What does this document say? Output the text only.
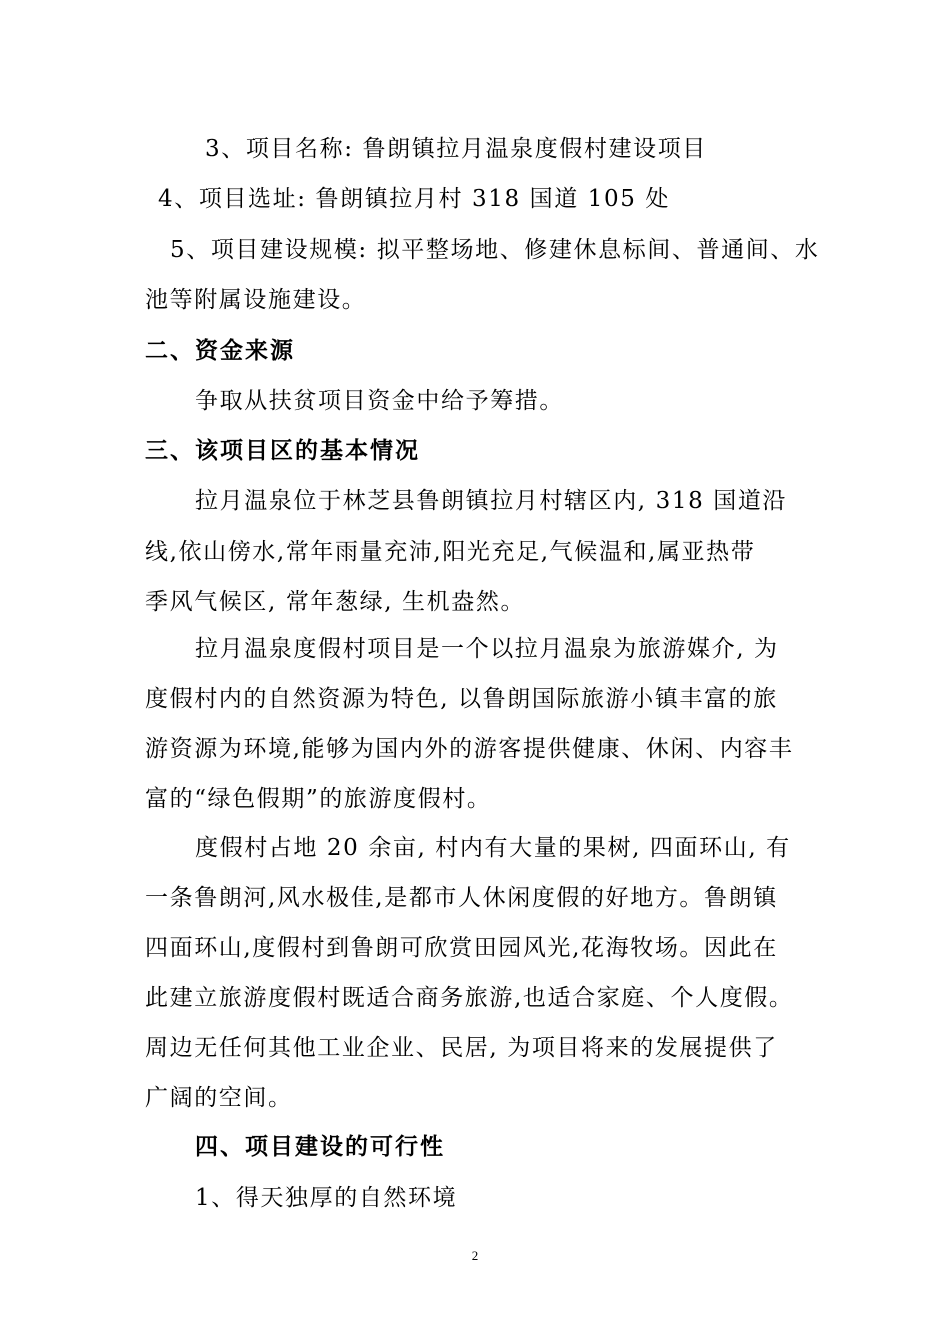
3、项目名称: 鲁朗镇拉月温泉度假村建设项目
4、项目选址: 鲁朗镇拉月村 318 国道 105 处
5、项目建设规模: 拟平整场地、修建休息标间、普通间、水
池等附属设施建设。
二、资金来源
争取从扶贫项目资金中给予筹措。
三、该项目区的基本情况
拉月温泉位于林芝县鲁朗镇拉月村辖区内, 318 国道沿
线,依山傍水,常年雨量充沛,阳光充足,气候温和,属亚热带
季风气候区, 常年葱绿, 生机盎然。
拉月温泉度假村项目是一个以拉月温泉为旅游媒介, 为
度假村内的自然资源为特色, 以鲁朗国际旅游小镇丰富的旅
游资源为环境,能够为国内外的游客提供健康、休闲、内容丰
富的“绿色假期”的旅游度假村。
度假村占地 20 余亩, 村内有大量的果树, 四面环山, 有
一条鲁朗河,风水极佳,是都市人休闲度假的好地方。鲁朗镇
四面环山,度假村到鲁朗可欣赏田园风光,花海牧场。因此在
此建立旅游度假村既适合商务旅游,也适合家庭、个人度假。
周边无任何其他工业企业、民居, 为项目将来的发展提供了
广阔的空间。
四、项目建设的可行性
1、得天独厚的自然环境
2
